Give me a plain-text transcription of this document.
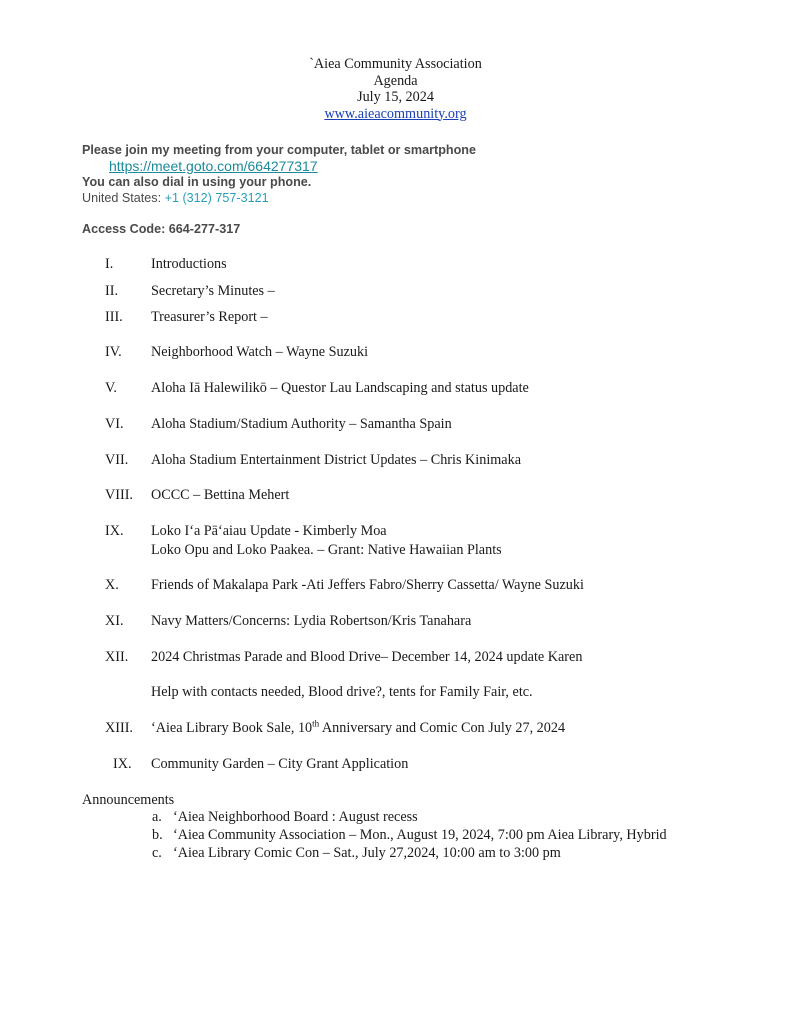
`Aiea Community Association
Agenda
July 15, 2024
www.aieacommunity.org
Please join my meeting from your computer, tablet or smartphone
https://meet.goto.com/664277317
You can also dial in using your phone.
United States: +1 (312) 757-3121
Access Code: 664-277-317
I.	Introductions
II. Secretary’s Minutes –
III. Treasurer’s Report –
IV. Neighborhood Watch – Wayne Suzuki
V. Aloha Iā Halewilikō – Questor Lau Landscaping and status update
VI. Aloha Stadium/Stadium Authority – Samantha Spain
VII. Aloha Stadium Entertainment District Updates – Chris Kinimaka
VIII. OCCC – Bettina Mehert
IX. Loko Iʻa Pāʻaiau Update - Kimberly Moa
Loko Opu and Loko Paakea. – Grant: Native Hawaiian Plants
X. Friends of Makalapa Park -Ati Jeffers Fabro/Sherry Cassetta/ Wayne Suzuki
XI. Navy Matters/Concerns: Lydia Robertson/Kris Tanahara
XII. 2024 Christmas Parade and Blood Drive– December 14, 2024 update Karen
Help with contacts needed, Blood drive?, tents for Family Fair, etc.
XIII. ‘Aiea Library Book Sale, 10th Anniversary and Comic Con July 27, 2024
IX. Community Garden – City Grant Application
Announcements
a. ‘Aiea Neighborhood Board : August recess
b. ‘Aiea Community Association – Mon., August 19, 2024, 7:00 pm Aiea Library, Hybrid
c. ‘Aiea Library Comic Con – Sat., July 27,2024, 10:00 am to 3:00 pm
